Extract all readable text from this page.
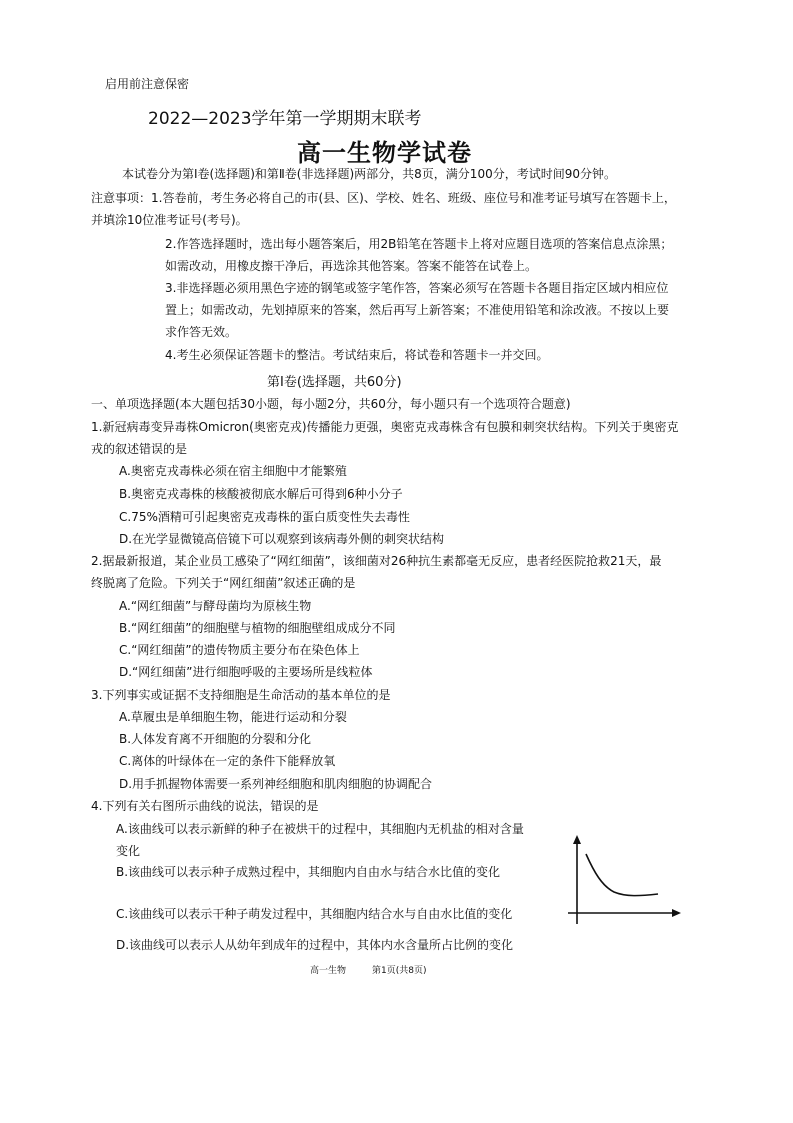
启用前注意保密
2022—2023学年第一学期期末联考
高一生物学试卷
本试卷分为第Ⅰ卷(选择题)和第Ⅱ卷(非选择题)两部分，共8页，满分100分，考试时间90分钟。
注意事项：1.答卷前，考生务必将自己的市(县、区)、学校、姓名、班级、座位号和准考证号填写在答题卡上，
并填涂10位准考证号(考号)。
2.作答选择题时，选出每小题答案后，用2B铅笔在答题卡上将对应题目选项的答案信息点涂黑；
如需改动，用橡皮擦干净后，再选涂其他答案。答案不能答在试卷上。
3.非选择题必须用黑色字迹的钢笔或签字笔作答，答案必须写在答题卡各题目指定区域内相应位
置上；如需改动，先划掉原来的答案，然后再写上新答案；不准使用铅笔和涂改液。不按以上要
求作答无效。
4.考生必须保证答题卡的整洁。考试结束后，将试卷和答题卡一并交回。
第Ⅰ卷(选择题，共60分)
一、单项选择题(本大题包括30小题，每小题2分，共60分，每小题只有一个选项符合题意)
1.新冠病毒变异毒株Omicron(奥密克戎)传播能力更强，奥密克戎毒株含有包膜和刺突状结构。下列关于奥密克
戎的叙述错误的是
A.奥密克戎毒株必须在宿主细胞中才能繁殖
B.奥密克戎毒株的核酸被彻底水解后可得到6种小分子
C.75%酒精可引起奥密克戎毒株的蛋白质变性失去毒性
D.在光学显微镜高倍镜下可以观察到该病毒外侧的刺突状结构
2.据最新报道，某企业员工感染了“网红细菌”，该细菌对26种抗生素都毫无反应，患者经医院抢救21天，最
终脱离了危险。下列关于“网红细菌”叙述正确的是
A.“网红细菌”与酵母菌均为原核生物
B.“网红细菌”的细胞壁与植物的细胞壁组成成分不同
C.“网红细菌”的遗传物质主要分布在染色体上
D.“网红细菌”进行细胞呼吸的主要场所是线粒体
3.下列事实或证据不支持细胞是生命活动的基本单位的是
A.草履虫是单细胞生物，能进行运动和分裂
B.人体发育离不开细胞的分裂和分化
C.离体的叶绿体在一定的条件下能释放氧
D.用手抓握物体需要一系列神经细胞和肌肉细胞的协调配合
4.下列有关右图所示曲线的说法，错误的是
A.该曲线可以表示新鲜的种子在被烘干的过程中，其细胞内无机盐的相对含量
变化
B.该曲线可以表示种子成熟过程中，其细胞内自由水与结合水比值的变化
C.该曲线可以表示干种子萌发过程中，其细胞内结合水与自由水比值的变化
D.该曲线可以表示人从幼年到成年的过程中，其体内水含量所占比例的变化
高一生物	第1页(共8页)
